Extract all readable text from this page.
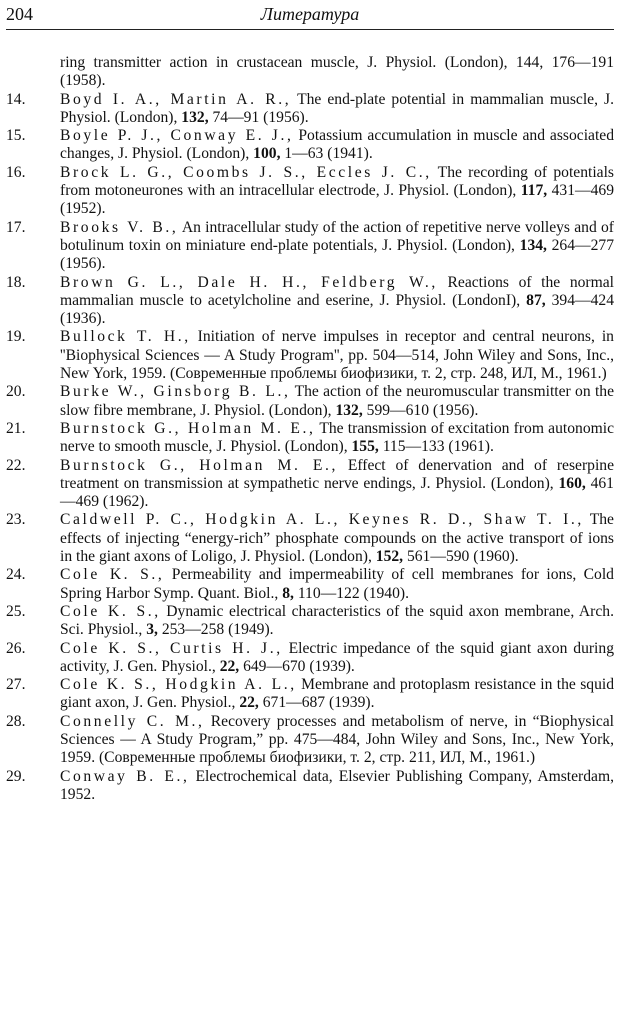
204	Литература

ring transmitter action in crustacean muscle, J. Physiol. (London), 144, 176—191 (1958).

14.	Boyd I. A., Martin A. R., The end-plate potential in mammalian muscle, J. Physiol. (London), 132, 74—91 (1956).

15.	Boyle P. J., Conway E. J., Potassium accumulation in muscle and associated changes, J. Physiol. (London), 100, 1—63 (1941).

16.	Brock L. G., Coombs J. S., Eccles J. C., The recording of potentials from motoneurones with an intracellular electrode, J. Physiol. (London), 117, 431—469 (1952).

17.	Brooks V. B., An intracellular study of the action of repetitive nerve volleys and of botulinum toxin on miniature end-plate potentials, J. Physiol. (London), 134, 264—277 (1956).

18.	Brown G. L., Dale H. H., Feldberg W., Reactions of the normal mammalian muscle to acetylcholine and eserine, J. Physiol. (LondonI), 87, 394—424 (1936).

19.	Bullock T. H., Initiation of nerve impulses in receptor and central neurons, in ''Biophysical Sciences — A Study Program'', pp. 504—514, John Wiley and Sons, Inc., New York, 1959. (Современные проблемы биофизики, т. 2, стр. 248, ИЛ, М., 1961.)

20.	Burke W., Ginsborg B. L., The action of the neuromuscular transmitter on the slow fibre membrane, J. Physiol. (London), 132, 599—610 (1956).

21.	Burnstock G., Holman M. E., The transmission of excitation from autonomic nerve to smooth muscle, J. Physiol. (London), 155, 115—133 (1961).

22.	Burnstock G., Holman M. E., Effect of denervation and of reserpine treatment on transmission at sympathetic nerve endings, J. Physiol. (London), 160, 461—469 (1962).

23.	Caldwell P. C., Hodgkin A. L., Keynes R. D., Shaw T. I., The effects of injecting “energy-rich” phosphate compounds on the active transport of ions in the giant axons of Loligo, J. Physiol. (London), 152, 561—590 (1960).

24.	Cole K. S., Permeability and impermeability of cell membranes for ions, Cold Spring Harbor Symp. Quant. Biol., 8, 110—122 (1940).

25.	Cole K. S., Dynamic electrical characteristics of the squid axon membrane, Arch. Sci. Physiol., 3, 253—258 (1949).

26.	Cole K. S., Curtis H. J., Electric impedance of the squid giant axon during activity, J. Gen. Physiol., 22, 649—670 (1939).

27.	Cole K. S., Hodgkin A. L., Membrane and protoplasm resistance in the squid giant axon, J. Gen. Physiol., 22, 671—687 (1939).

28.	Connelly C. M., Recovery processes and metabolism of nerve, in “Biophysical Sciences — A Study Program,” pp. 475—484, John Wiley and Sons, Inc., New York, 1959. (Современные проблемы биофизики, т. 2, стр. 211, ИЛ, М., 1961.)

29.	Conway B. E., Electrochemical data, Elsevier Publishing Company, Amsterdam, 1952.
